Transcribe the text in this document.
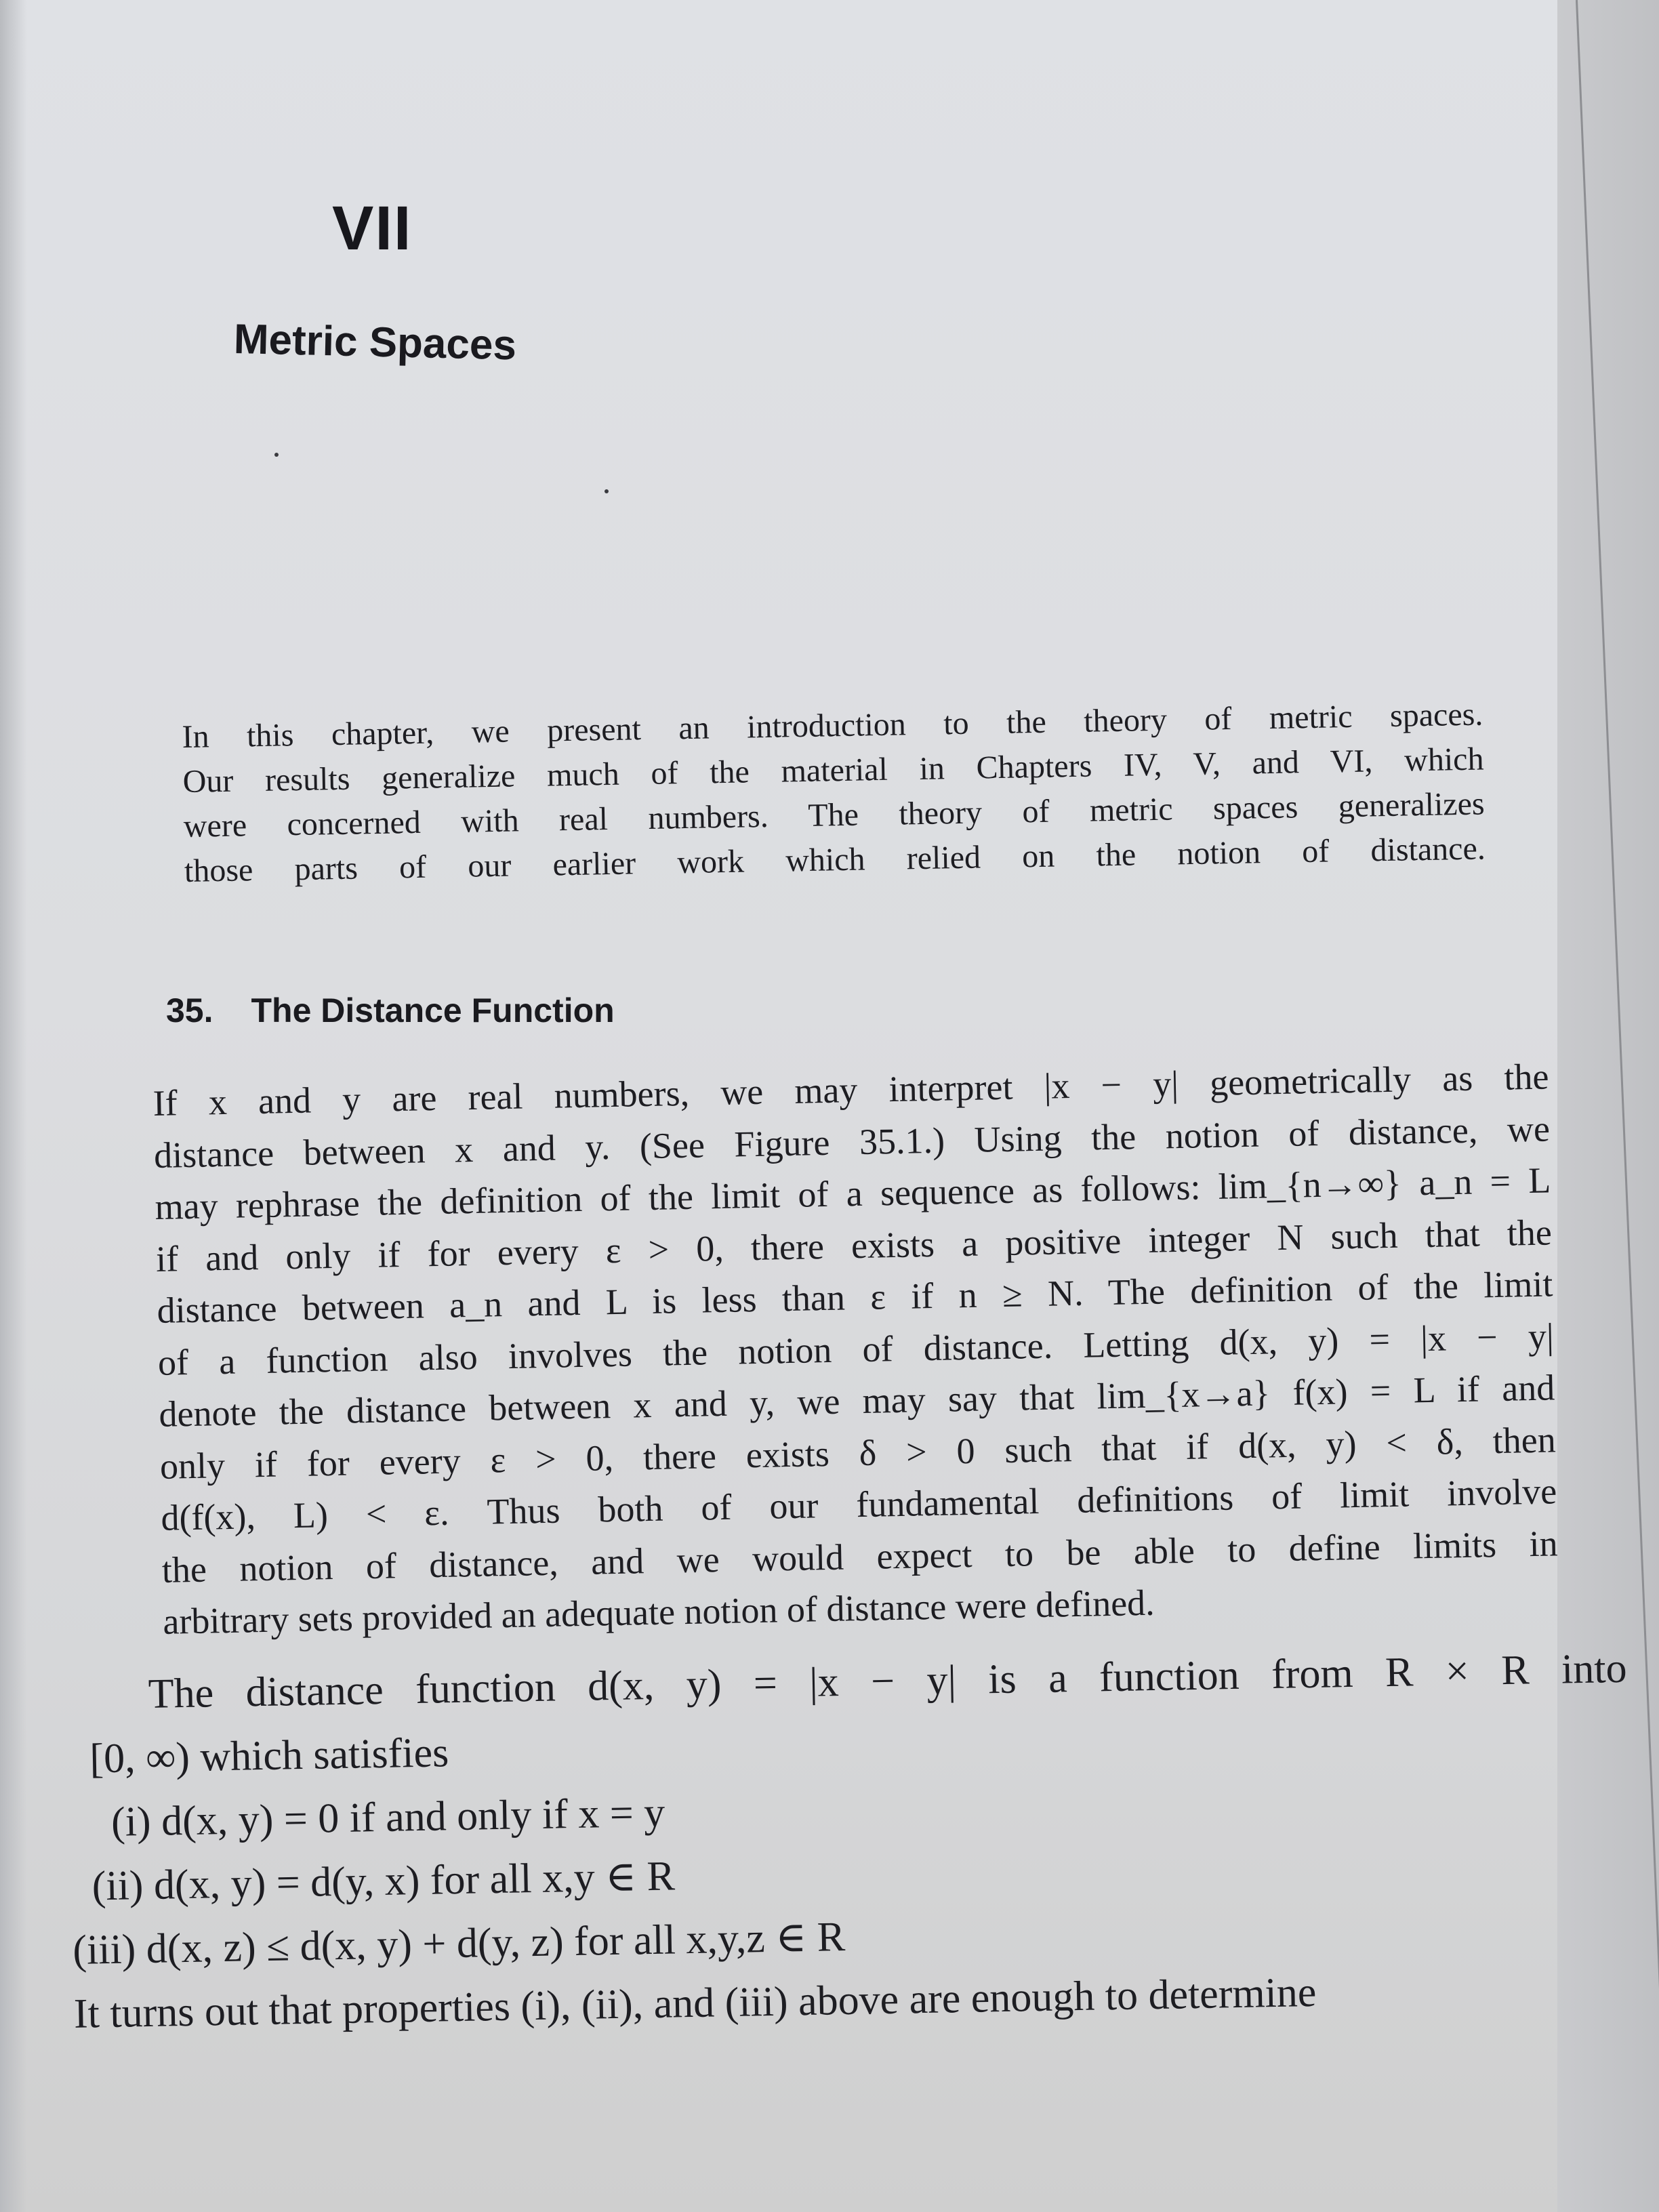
VII
Metric Spaces
In this chapter, we present an introduction to the theory of metric spaces.
Our results generalize much of the material in Chapters IV, V, and VI, which
were concerned with real numbers. The theory of metric spaces generalizes
those parts of our earlier work which relied on the notion of distance.
35. The Distance Function
If x and y are real numbers, we may interpret |x − y| geometrically as the
distance between x and y. (See Figure 35.1.) Using the notion of distance, we
may rephrase the definition of the limit of a sequence as follows: lim_{n→∞} a_n = L
if and only if for every ε > 0, there exists a positive integer N such that the
distance between a_n and L is less than ε if n ≥ N. The definition of the limit
of a function also involves the notion of distance. Letting d(x, y) = |x − y|
denote the distance between x and y, we may say that lim_{x→a} f(x) = L if and
only if for every ε > 0, there exists δ > 0 such that if d(x, y) < δ, then
d(f(x), L) < ε. Thus both of our fundamental definitions of limit involve
the notion of distance, and we would expect to be able to define limits in
arbitrary sets provided an adequate notion of distance were defined.
The distance function d(x, y) = |x − y| is a function from R × R into
[0, ∞) which satisfies
(i) d(x, y) = 0 if and only if x = y
(ii) d(x, y) = d(y, x) for all x,y ∈ R
(iii) d(x, z) ≤ d(x, y) + d(y, z) for all x,y,z ∈ R
It turns out that properties (i), (ii), and (iii) above are enough to determine
